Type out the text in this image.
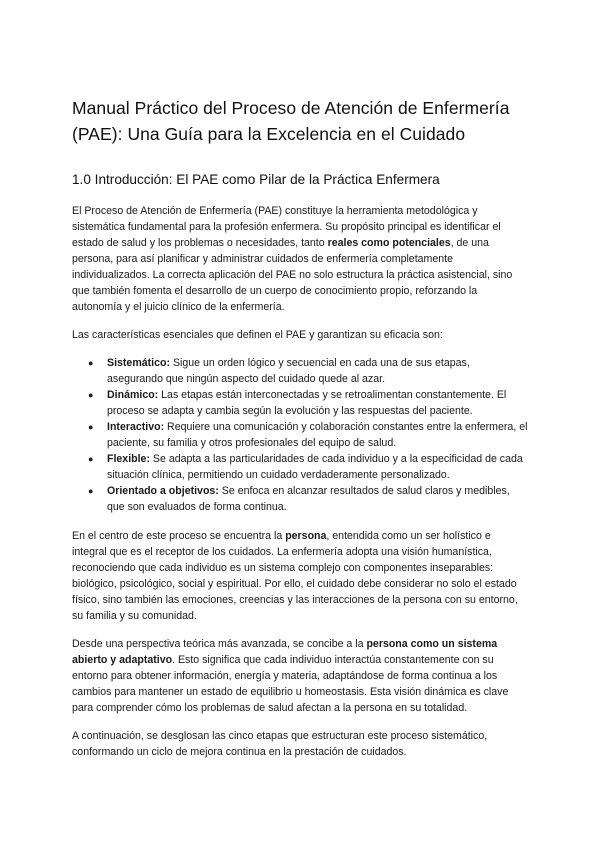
Manual Práctico del Proceso de Atención de Enfermería (PAE): Una Guía para la Excelencia en el Cuidado
1.0 Introducción: El PAE como Pilar de la Práctica Enfermera

El Proceso de Atención de Enfermería (PAE) constituye la herramienta metodológica y sistemática fundamental para la profesión enfermera. Su propósito principal es identificar el estado de salud y los problemas o necesidades, tanto reales como potenciales, de una persona, para así planificar y administrar cuidados de enfermería completamente individualizados. La correcta aplicación del PAE no solo estructura la práctica asistencial, sino que también fomenta el desarrollo de un cuerpo de conocimiento propio, reforzando la autonomía y el juicio clínico de la enfermería.

Las características esenciales que definen el PAE y garantizan su eficacia son:

● Sistemático: Sigue un orden lógico y secuencial en cada una de sus etapas, asegurando que ningún aspecto del cuidado quede al azar.
● Dinámico: Las etapas están interconectadas y se retroalimentan constantemente. El proceso se adapta y cambia según la evolución y las respuestas del paciente.
● Interactivo: Requiere una comunicación y colaboración constantes entre la enfermera, el paciente, su familia y otros profesionales del equipo de salud.
● Flexible: Se adapta a las particularidades de cada individuo y a la especificidad de cada situación clínica, permitiendo un cuidado verdaderamente personalizado.
● Orientado a objetivos: Se enfoca en alcanzar resultados de salud claros y medibles, que son evaluados de forma continua.

En el centro de este proceso se encuentra la persona, entendida como un ser holístico e integral que es el receptor de los cuidados. La enfermería adopta una visión humanística, reconociendo que cada individuo es un sistema complejo con componentes inseparables: biológico, psicológico, social y espiritual. Por ello, el cuidado debe considerar no solo el estado físico, sino también las emociones, creencias y las interacciones de la persona con su entorno, su familia y su comunidad.

Desde una perspectiva teórica más avanzada, se concibe a la persona como un sistema abierto y adaptativo. Esto significa que cada individuo interactúa constantemente con su entorno para obtener información, energía y materia, adaptándose de forma continua a los cambios para mantener un estado de equilibrio u homeostasis. Esta visión dinámica es clave para comprender cómo los problemas de salud afectan a la persona en su totalidad.

A continuación, se desglosan las cinco etapas que estructuran este proceso sistemático, conformando un ciclo de mejora continua en la prestación de cuidados.
